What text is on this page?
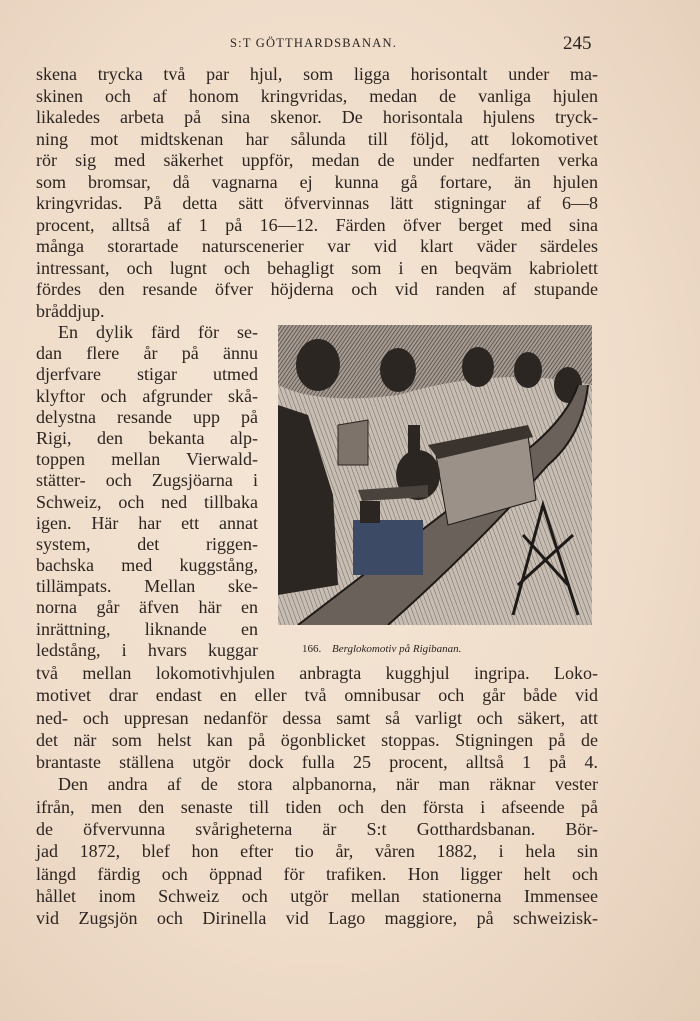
S:T GÖTTHARDSBANAN.	245
skena trycka två par hjul, som ligga horisontalt under ma-
skinen och af honom kringvridas, medan de vanliga hjulen
likaledes arbeta på sina skenor. De horisontala hjulens tryck-
ning mot midtskenan har sålunda till följd, att lokomotivet
rör sig med säkerhet uppför, medan de under nedfarten verka
som bromsar, då vagnarna ej kunna gå fortare, än hjulen
kringvridas. På detta sätt öfvervinnas lätt stigningar af 6—8
procent, alltså af 1 på 16—12. Färden öfver berget med sina
många storartade naturscenerier var vid klart väder särdeles
intressant, och lugnt och behagligt som i en beqväm kabriolett
fördes den resande öfver höjderna och vid randen af stupande
bråddjup.
En dylik färd för se-
dan flere år på ännu
djerfvare stigar utmed
klyftor och afgrunder skå-
delystna resande upp på
Rigi, den bekanta alp-
toppen mellan Vierwald-
stätter- och Zugsjöarna i
Schweiz, och ned tillbaka
igen. Här har ett annat
system, det riggen-
bachska med kuggstång,
tillämpats. Mellan ske-
norna går äfven här en
inrättning, liknande en
ledstång, i hvars kuggar
två mellan lokomotivhjulen anbragta kugghjul ingripa. Loko-
motivet drar endast en eller två omnibusar och går både vid
ned- och uppresan nedanför dessa samt så varligt och säkert, att
det när som helst kan på ögonblicket stoppas. Stigningen på de
brantaste ställena utgör dock fulla 25 procent, alltså 1 på 4.
Den andra af de stora alpbanorna, när man räknar vester
ifrån, men den senaste till tiden och den första i afseende på
de öfvervunna svårigheterna är S:t Gotthardsbanan. Bör-
jad 1872, blef hon efter tio år, våren 1882, i hela sin
längd färdig och öppnad för trafiken. Hon ligger helt och
hållet inom Schweiz och utgör mellan stationerna Immensee
vid Zugsjön och Dirinella vid Lago maggiore, på schweizisk-
166. Berglokomotiv på Rigibanan.
